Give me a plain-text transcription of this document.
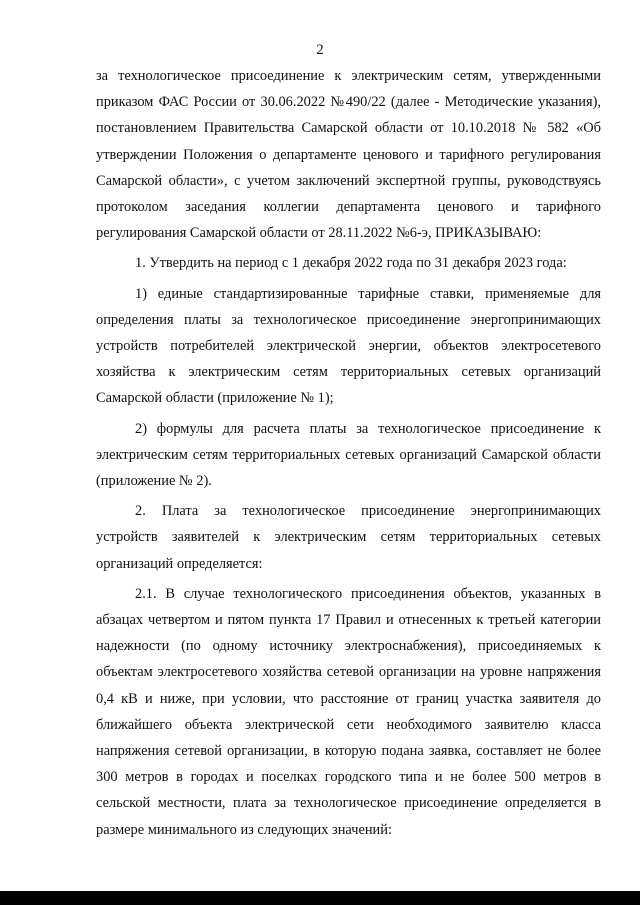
2

за технологическое присоединение к электрическим сетям, утвержденными приказом ФАС России от 30.06.2022 №490/22 (далее - Методические указания), постановлением Правительства Самарской области от 10.10.2018 № 582 «Об утверждении Положения о департаменте ценового и тарифного регулирования Самарской области», с учетом заключений экспертной группы, руководствуясь протоколом заседания коллегии департамента ценового и тарифного регулирования Самарской области от 28.11.2022 №6-э, ПРИКАЗЫВАЮ:

1. Утвердить на период с 1 декабря 2022 года по 31 декабря 2023 года:

1) единые стандартизированные тарифные ставки, применяемые для определения платы за технологическое присоединение энергопринимающих устройств потребителей электрической энергии, объектов электросетевого хозяйства к электрическим сетям территориальных сетевых организаций Самарской области (приложение № 1);

2) формулы для расчета платы за технологическое присоединение к электрическим сетям территориальных сетевых организаций Самарской области (приложение № 2).

2. Плата за технологическое присоединение энергопринимающих устройств заявителей к электрическим сетям территориальных сетевых организаций определяется:

2.1. В случае технологического присоединения объектов, указанных в абзацах четвертом и пятом пункта 17 Правил и отнесенных к третьей категории надежности (по одному источнику электроснабжения), присоединяемых к объектам электросетевого хозяйства сетевой организации на уровне напряжения 0,4 кВ и ниже, при условии, что расстояние от границ участка заявителя до ближайшего объекта электрической сети необходимого заявителю класса напряжения сетевой организации, в которую подана заявка, составляет не более 300 метров в городах и поселках городского типа и не более 500 метров в сельской местности, плата за технологическое присоединение определяется в размере минимального из следующих значений:
